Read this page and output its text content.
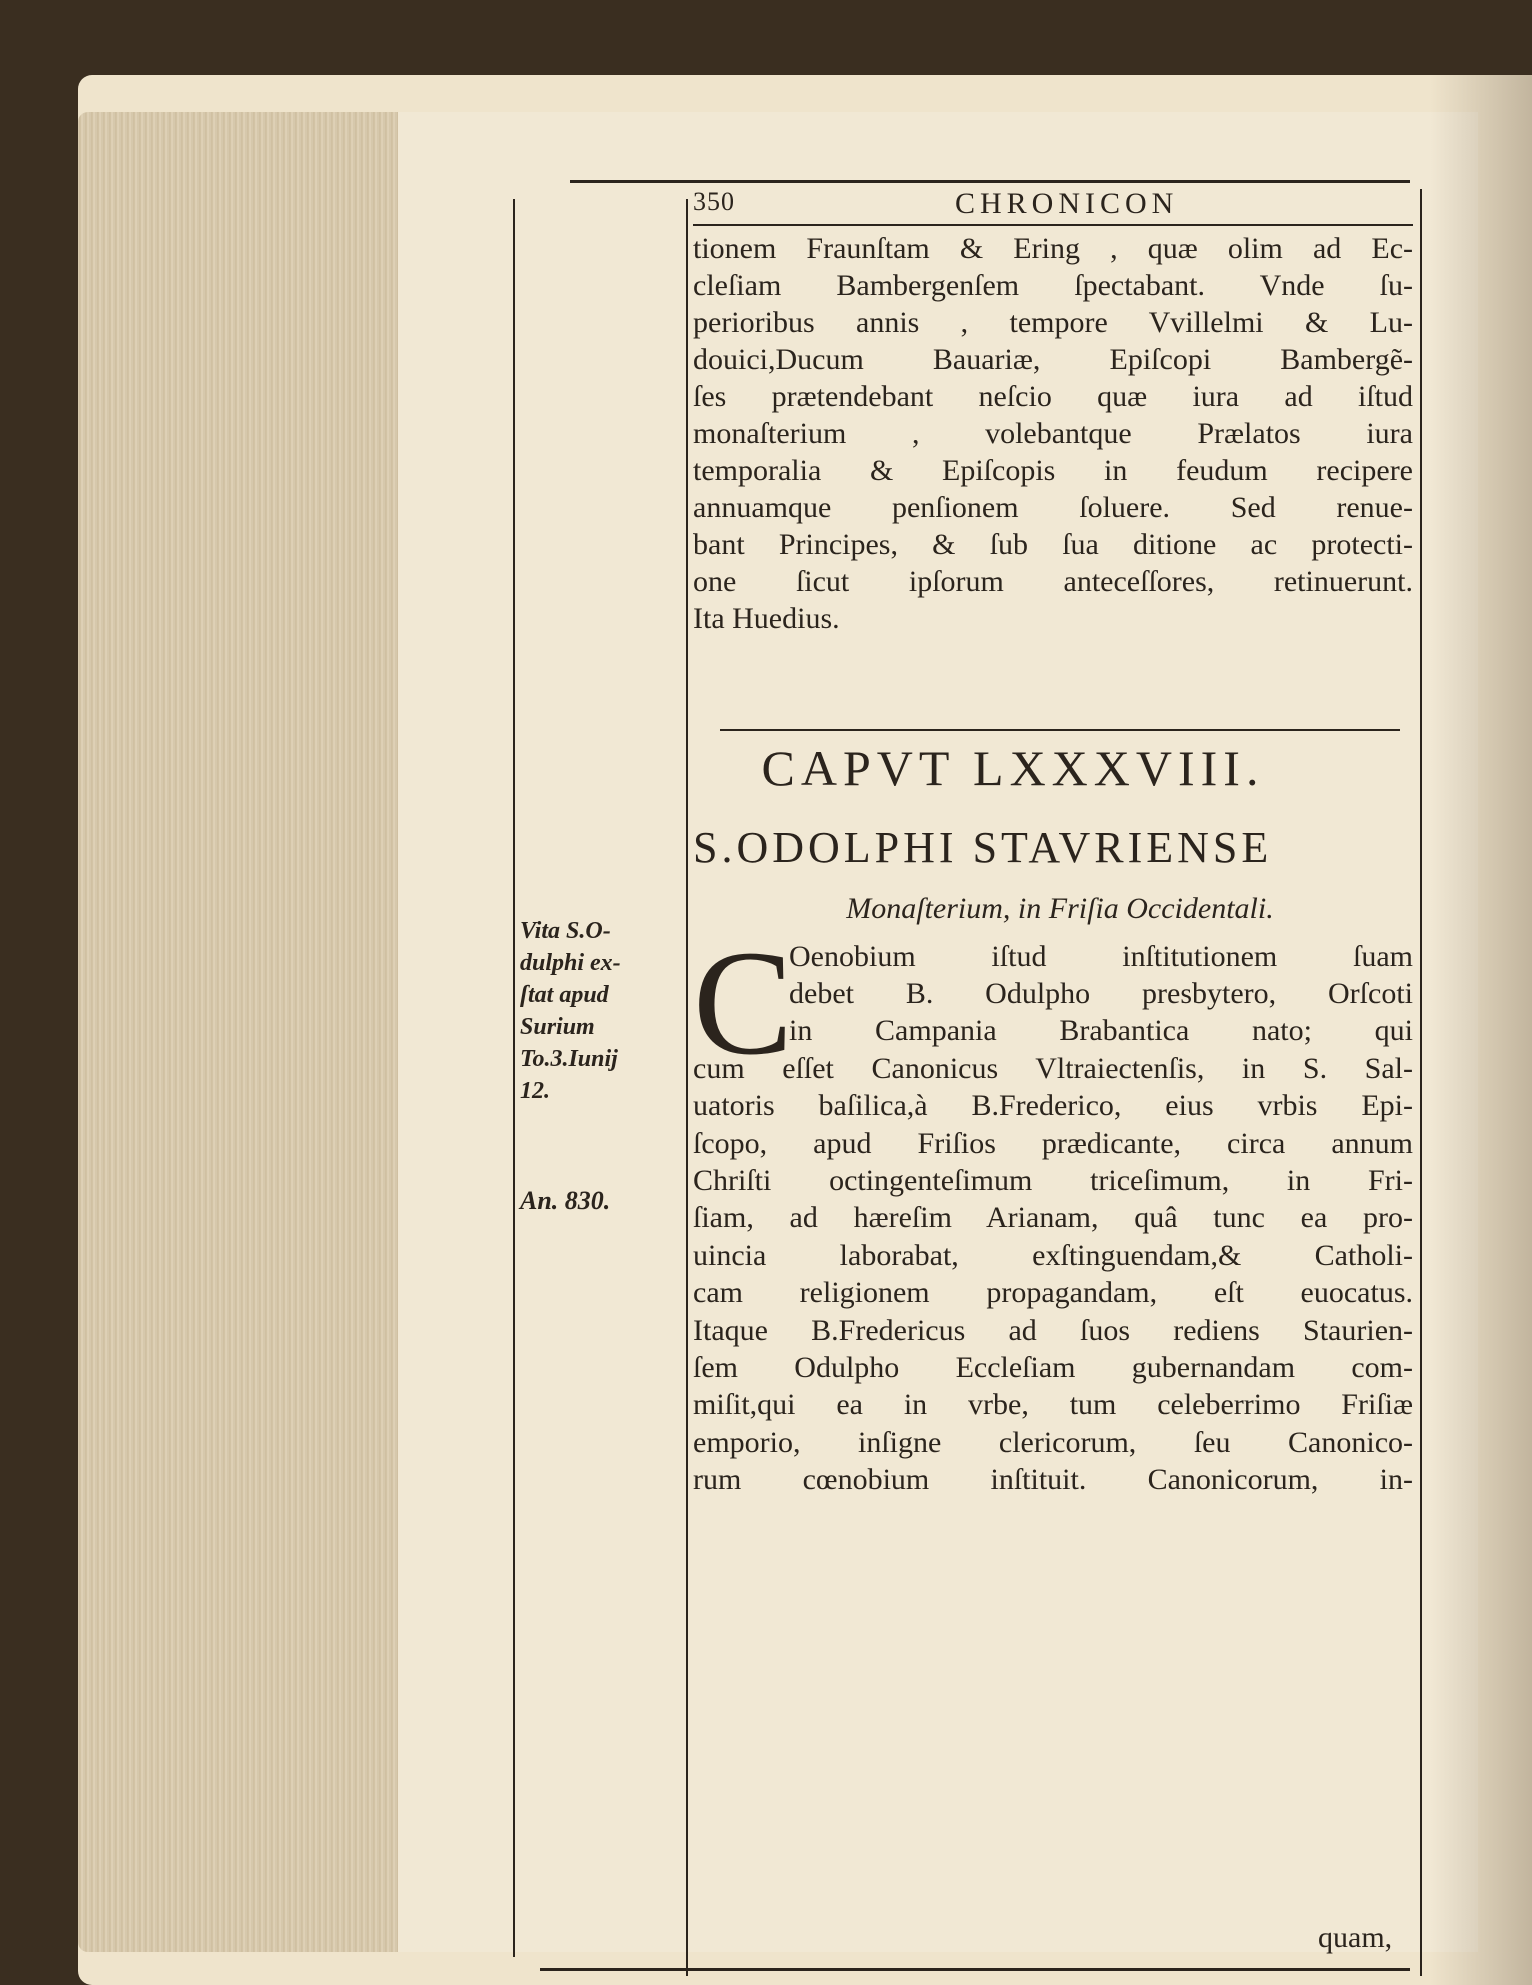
350	CHRONICON
tionem Fraunſtam & Ering , quæ olim ad Ec-
cleſiam Bambergenſem ſpectabant. Vnde ſu-
perioribus annis , tempore Vvillelmi & Lu-
douici,Ducum Bauariæ, Epiſcopi Bambergẽ-
ſes prætendebant neſcio quæ iura ad iſtud
monaſterium , volebantque Prælatos iura
temporalia & Epiſcopis in feudum recipere
annuamque penſionem ſoluere. Sed renue-
bant Principes, & ſub ſua ditione ac protecti-
one ſicut ipſorum anteceſſores, retinuerunt.
Ita Huedius.
CAPVT LXXXVIII.
S.ODOLPHI STAVRIENSE
Monaſterium, in Friſia Occidentali.
C
Oenobium iſtud inſtitutionem ſuam
debet B. Odulpho presbytero, Orſcoti
in Campania Brabantica nato; qui
cum eſſet Canonicus Vltraiectenſis, in S. Sal-
uatoris baſilica,à B.Frederico, eius vrbis Epi-
ſcopo, apud Friſios prædicante, circa annum
Chriſti octingenteſimum triceſimum, in Fri-
ſiam, ad hæreſim Arianam, quâ tunc ea pro-
uincia laborabat, exſtinguendam,& Catholi-
cam religionem propagandam, eſt euocatus.
Itaque B.Fredericus ad ſuos rediens Staurien-
ſem Odulpho Eccleſiam gubernandam com-
miſit,qui ea in vrbe, tum celeberrimo Friſiæ
emporio, inſigne clericorum, ſeu Canonico-
rum cœnobium inſtituit. Canonicorum, in-
Vita S.O-
dulphi ex-
ſtat apud
Surium
To.3.Iunij
12.
An. 830.
quam,
